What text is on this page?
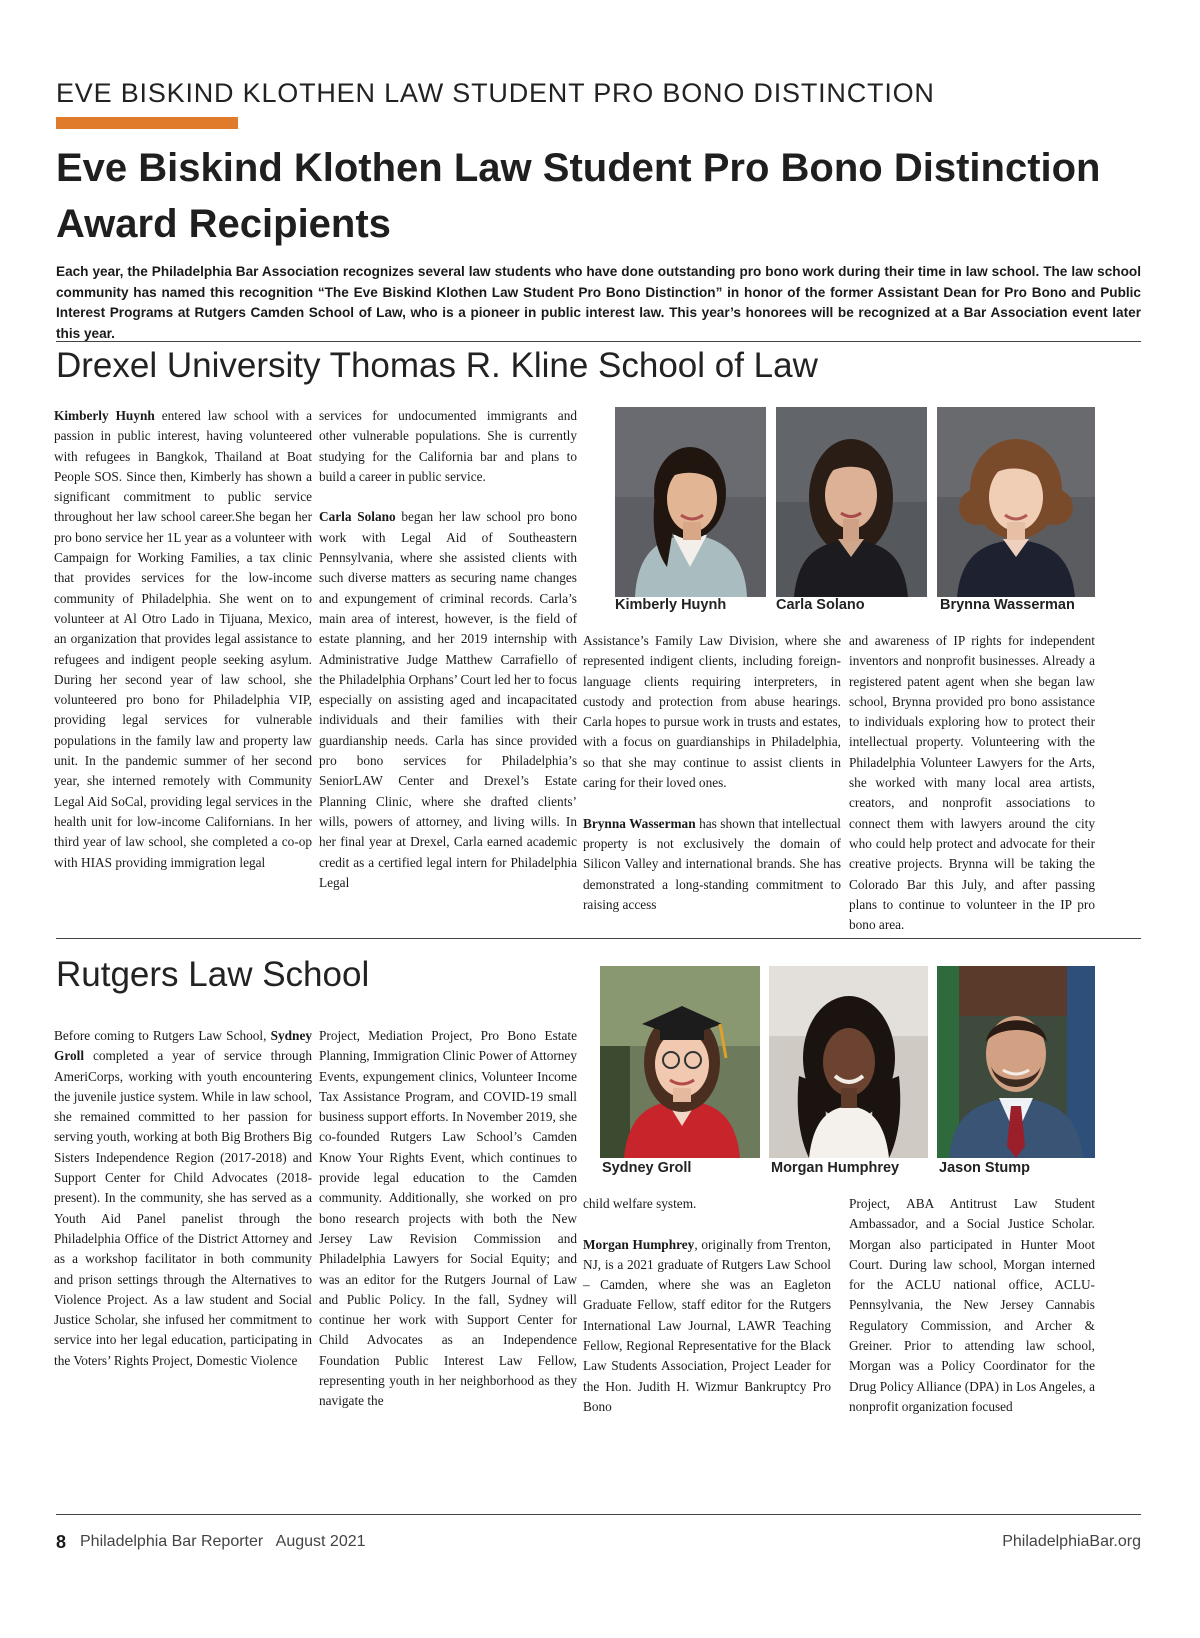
EVE BISKIND KLOTHEN LAW STUDENT PRO BONO DISTINCTION
Eve Biskind Klothen Law Student Pro Bono Distinction
Award Recipients
Each year, the Philadelphia Bar Association recognizes several law students who have done outstanding pro bono work during their time in law school. The law school community has named this recognition “The Eve Biskind Klothen Law Student Pro Bono Distinction” in honor of the former Assistant Dean for Pro Bono and Public Interest Programs at Rutgers Camden School of Law, who is a pioneer in public interest law. This year’s honorees will be recognized at a Bar Association event later this year.
Drexel University Thomas R. Kline School of Law

Kimberly Huynh entered law school with a passion in public interest, having volunteered with refugees in Bangkok, Thailand at Boat People SOS. Since then, Kimberly has shown a significant commitment to public service throughout her law school career.She began her pro bono service her 1L year as a volunteer with Campaign for Working Families, a tax clinic that provides services for the low-income community of Philadelphia. She went on to volunteer at Al Otro Lado in Tijuana, Mexico, an organization that provides legal assistance to refugees and indigent people seeking asylum. During her second year of law school, she volunteered pro bono for Philadelphia VIP, providing legal services for vulnerable populations in the family law and property law unit. In the pandemic summer of her second year, she interned remotely with Community Legal Aid SoCal, providing legal services in the health unit for low-income Californians. In her third year of law school, she completed a co-op with HIAS providing immigration legal

services for undocumented immigrants and other vulnerable populations. She is currently studying for the California bar and plans to build a career in public service.

Carla Solano began her law school pro bono work with Legal Aid of Southeastern Pennsylvania, where she assisted clients with such diverse matters as securing name changes and expungement of criminal records. Carla’s main area of interest, however, is the field of estate planning, and her 2019 internship with Administrative Judge Matthew Carrafiello of the Philadelphia Orphans’ Court led her to focus especially on assisting aged and incapacitated individuals and their families with their guardianship needs. Carla has since provided pro bono services for Philadelphia’s SeniorLAW Center and Drexel’s Estate Planning Clinic, where she drafted clients’ wills, powers of attorney, and living wills. In her final year at Drexel, Carla earned academic credit as a certified legal intern for Philadelphia Legal

Assistance’s Family Law Division, where she represented indigent clients, including foreign-language clients requiring interpreters, in custody and protection from abuse hearings. Carla hopes to pursue work in trusts and estates, with a focus on guardianships in Philadelphia, so that she may continue to assist clients in caring for their loved ones.

Brynna Wasserman has shown that intellectual property is not exclusively the domain of Silicon Valley and international brands. She has demonstrated a long-standing commitment to raising access

and awareness of IP rights for independent inventors and nonprofit businesses. Already a registered patent agent when she began law school, Brynna provided pro bono assistance to individuals exploring how to protect their intellectual property. Volunteering with the Philadelphia Volunteer Lawyers for the Arts, she worked with many local area artists, creators, and nonprofit associations to connect them with lawyers around the city who could help protect and advocate for their creative projects. Brynna will be taking the Colorado Bar this July, and after passing plans to continue to volunteer in the IP pro bono area.

Kimberly Huynh	Carla Solano	Brynna Wasserman
Rutgers Law School

Before coming to Rutgers Law School, Sydney Groll completed a year of service through AmeriCorps, working with youth encountering the juvenile justice system. While in law school, she remained committed to her passion for serving youth, working at both Big Brothers Big Sisters Independence Region (2017-2018) and Support Center for Child Advocates (2018-present). In the community, she has served as a Youth Aid Panel panelist through the Philadelphia Office of the District Attorney and as a workshop facilitator in both community and prison settings through the Alternatives to Violence Project. As a law student and Social Justice Scholar, she infused her commitment to service into her legal education, participating in the Voters’ Rights Project, Domestic Violence

Project, Mediation Project, Pro Bono Estate Planning, Immigration Clinic Power of Attorney Events, expungement clinics, Volunteer Income Tax Assistance Program, and COVID-19 small business support efforts. In November 2019, she co-founded Rutgers Law School’s Camden Know Your Rights Event, which continues to provide legal education to the Camden community. Additionally, she worked on pro bono research projects with both the New Jersey Law Revision Commission and Philadelphia Lawyers for Social Equity; and was an editor for the Rutgers Journal of Law and Public Policy. In the fall, Sydney will continue her work with Support Center for Child Advocates as an Independence Foundation Public Interest Law Fellow, representing youth in her neighborhood as they navigate the

child welfare system.

Morgan Humphrey, originally from Trenton, NJ, is a 2021 graduate of Rutgers Law School – Camden, where she was an Eagleton Graduate Fellow, staff editor for the Rutgers International Law Journal, LAWR Teaching Fellow, Regional Representative for the Black Law Students Association, Project Leader for the Hon. Judith H. Wizmur Bankruptcy Pro Bono

Project, ABA Antitrust Law Student Ambassador, and a Social Justice Scholar. Morgan also participated in Hunter Moot Court. During law school, Morgan interned for the ACLU national office, ACLU-Pennsylvania, the New Jersey Cannabis Regulatory Commission, and Archer & Greiner. Prior to attending law school, Morgan was a Policy Coordinator for the Drug Policy Alliance (DPA) in Los Angeles, a nonprofit organization focused

Sydney Groll	Morgan Humphrey	Jason Stump
8 Philadelphia Bar Reporter   August 2021	PhiladelphiaBar.org
